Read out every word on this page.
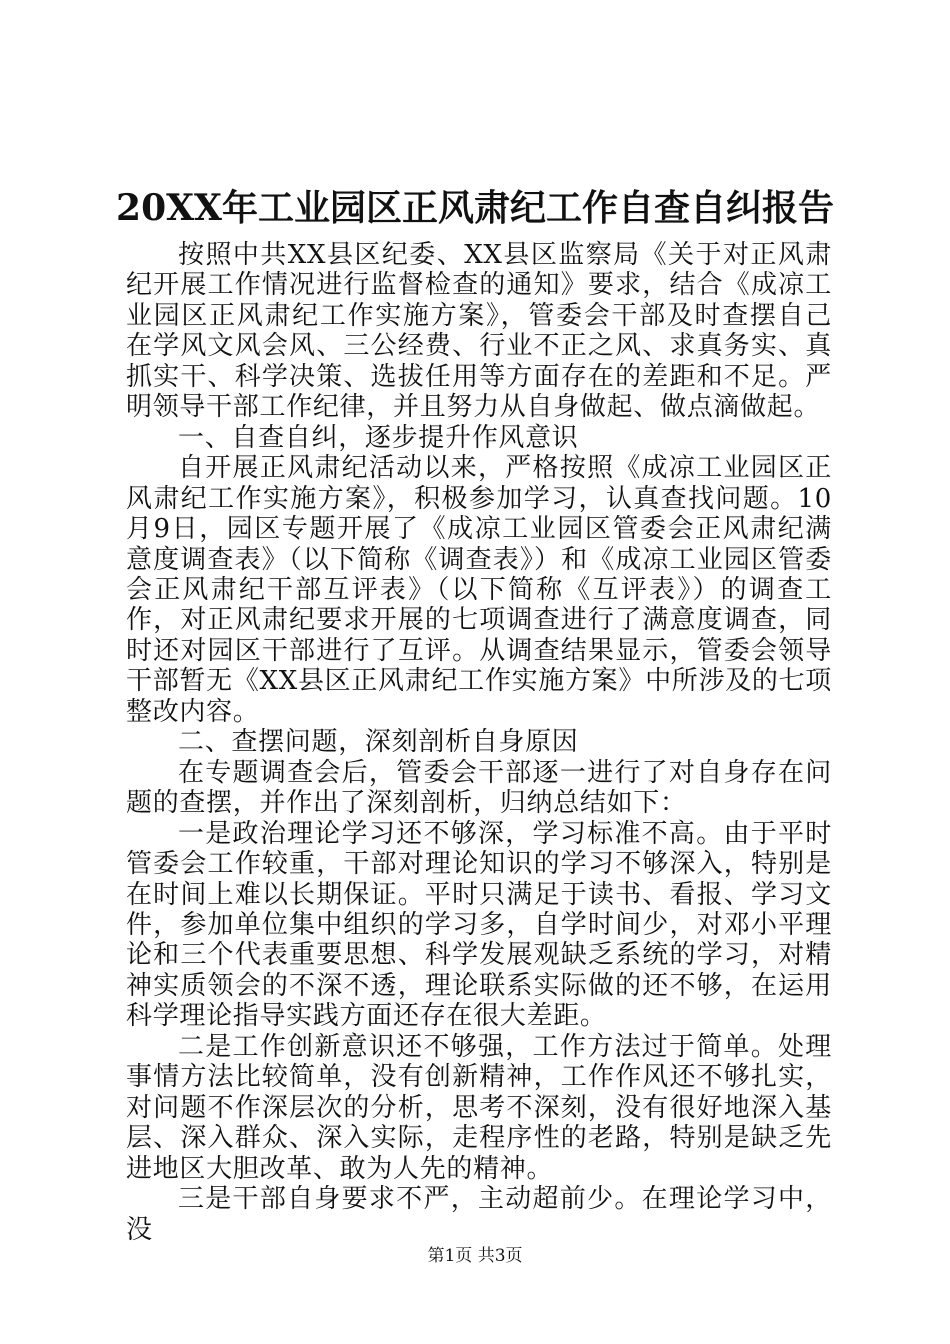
20XX年工业园区正风肃纪工作自查自纠报告

按照中共XX县区纪委、XX县区监察局《关于对正风肃纪开展工作情况进行监督检查的通知》要求，结合《成凉工业园区正风肃纪工作实施方案》，管委会干部及时查摆自己在学风文风会风、三公经费、行业不正之风、求真务实、真抓实干、科学决策、选拔任用等方面存在的差距和不足。严明领导干部工作纪律，并且努力从自身做起、做点滴做起。

一、自查自纠，逐步提升作风意识

自开展正风肃纪活动以来，严格按照《成凉工业园区正风肃纪工作实施方案》，积极参加学习，认真查找问题。10月9日，园区专题开展了《成凉工业园区管委会正风肃纪满意度调查表》（以下简称《调查表》）和《成凉工业园区管委会正风肃纪干部互评表》（以下简称《互评表》）的调查工作，对正风肃纪要求开展的七项调查进行了满意度调查，同时还对园区干部进行了互评。从调查结果显示，管委会领导干部暂无《XX县区正风肃纪工作实施方案》中所涉及的七项整改内容。

二、查摆问题，深刻剖析自身原因

在专题调查会后，管委会干部逐一进行了对自身存在问题的查摆，并作出了深刻剖析，归纳总结如下：

一是政治理论学习还不够深，学习标准不高。由于平时管委会工作较重，干部对理论知识的学习不够深入，特别是在时间上难以长期保证。平时只满足于读书、看报、学习文件，参加单位集中组织的学习多，自学时间少，对邓小平理论和三个代表重要思想、科学发展观缺乏系统的学习，对精神实质领会的不深不透，理论联系实际做的还不够，在运用科学理论指导实践方面还存在很大差距。

二是工作创新意识还不够强，工作方法过于简单。处理事情方法比较简单，没有创新精神，工作作风还不够扎实，对问题不作深层次的分析，思考不深刻，没有很好地深入基层、深入群众、深入实际，走程序性的老路，特别是缺乏先进地区大胆改革、敢为人先的精神。

三是干部自身要求不严，主动超前少。在理论学习中，没

第1页 共3页
